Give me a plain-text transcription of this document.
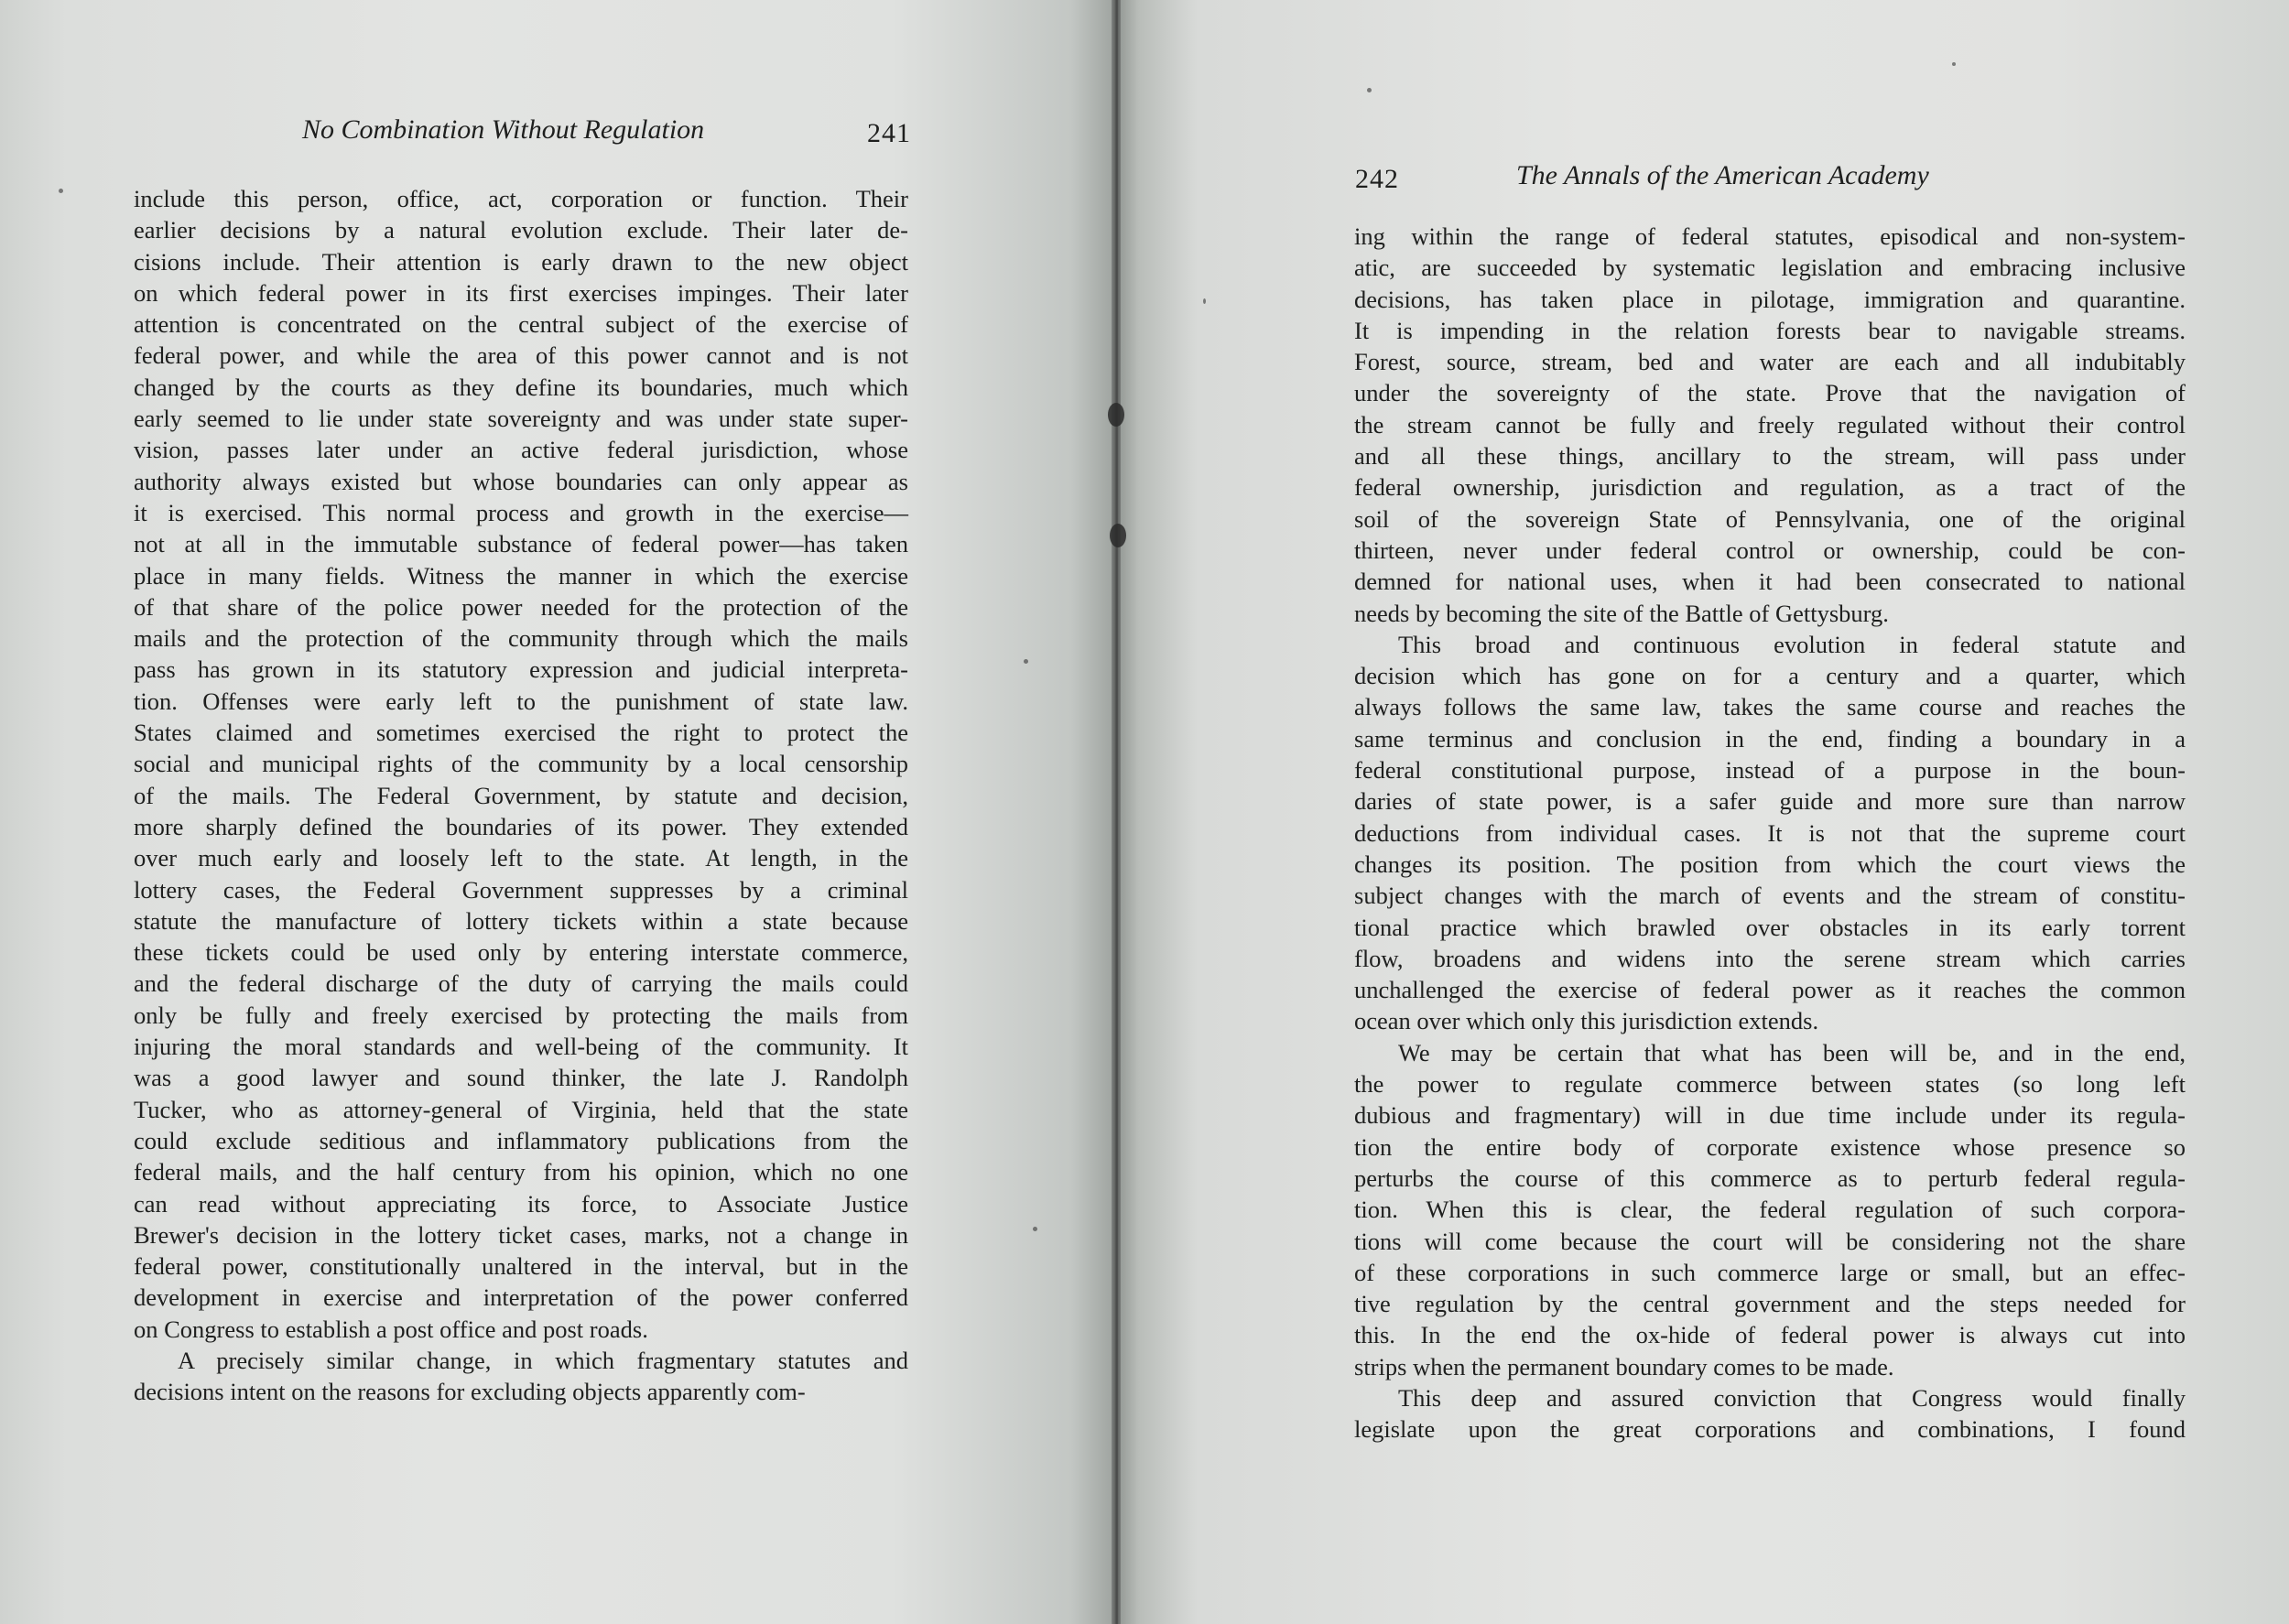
No Combination Without Regulation	241
include this person, office, act, corporation or function. Their
earlier decisions by a natural evolution exclude. Their later de-
cisions include. Their attention is early drawn to the new object
on which federal power in its first exercises impinges. Their later
attention is concentrated on the central subject of the exercise of
federal power, and while the area of this power cannot and is not
changed by the courts as they define its boundaries, much which
early seemed to lie under state sovereignty and was under state super-
vision, passes later under an active federal jurisdiction, whose
authority always existed but whose boundaries can only appear as
it is exercised. This normal process and growth in the exercise—
not at all in the immutable substance of federal power—has taken
place in many fields. Witness the manner in which the exercise
of that share of the police power needed for the protection of the
mails and the protection of the community through which the mails
pass has grown in its statutory expression and judicial interpreta-
tion. Offenses were early left to the punishment of state law.
States claimed and sometimes exercised the right to protect the
social and municipal rights of the community by a local censorship
of the mails. The Federal Government, by statute and decision,
more sharply defined the boundaries of its power. They extended
over much early and loosely left to the state. At length, in the
lottery cases, the Federal Government suppresses by a criminal
statute the manufacture of lottery tickets within a state because
these tickets could be used only by entering interstate commerce,
and the federal discharge of the duty of carrying the mails could
only be fully and freely exercised by protecting the mails from
injuring the moral standards and well-being of the community. It
was a good lawyer and sound thinker, the late J. Randolph
Tucker, who as attorney-general of Virginia, held that the state
could exclude seditious and inflammatory publications from the
federal mails, and the half century from his opinion, which no one
can read without appreciating its force, to Associate Justice
Brewer's decision in the lottery ticket cases, marks, not a change in
federal power, constitutionally unaltered in the interval, but in the
development in exercise and interpretation of the power conferred
on Congress to establish a post office and post roads.
A precisely similar change, in which fragmentary statutes and
decisions intent on the reasons for excluding objects apparently com-
242	The Annals of the American Academy
ing within the range of federal statutes, episodical and non-system-
atic, are succeeded by systematic legislation and embracing inclusive
decisions, has taken place in pilotage, immigration and quarantine.
It is impending in the relation forests bear to navigable streams.
Forest, source, stream, bed and water are each and all indubitably
under the sovereignty of the state. Prove that the navigation of
the stream cannot be fully and freely regulated without their control
and all these things, ancillary to the stream, will pass under
federal ownership, jurisdiction and regulation, as a tract of the
soil of the sovereign State of Pennsylvania, one of the original
thirteen, never under federal control or ownership, could be con-
demned for national uses, when it had been consecrated to national
needs by becoming the site of the Battle of Gettysburg.
This broad and continuous evolution in federal statute and
decision which has gone on for a century and a quarter, which
always follows the same law, takes the same course and reaches the
same terminus and conclusion in the end, finding a boundary in a
federal constitutional purpose, instead of a purpose in the boun-
daries of state power, is a safer guide and more sure than narrow
deductions from individual cases. It is not that the supreme court
changes its position. The position from which the court views the
subject changes with the march of events and the stream of constitu-
tional practice which brawled over obstacles in its early torrent
flow, broadens and widens into the serene stream which carries
unchallenged the exercise of federal power as it reaches the common
ocean over which only this jurisdiction extends.
We may be certain that what has been will be, and in the end,
the power to regulate commerce between states (so long left
dubious and fragmentary) will in due time include under its regula-
tion the entire body of corporate existence whose presence so
perturbs the course of this commerce as to perturb federal regula-
tion. When this is clear, the federal regulation of such corpora-
tions will come because the court will be considering not the share
of these corporations in such commerce large or small, but an effec-
tive regulation by the central government and the steps needed for
this. In the end the ox-hide of federal power is always cut into
strips when the permanent boundary comes to be made.
This deep and assured conviction that Congress would finally
legislate upon the great corporations and combinations, I found
